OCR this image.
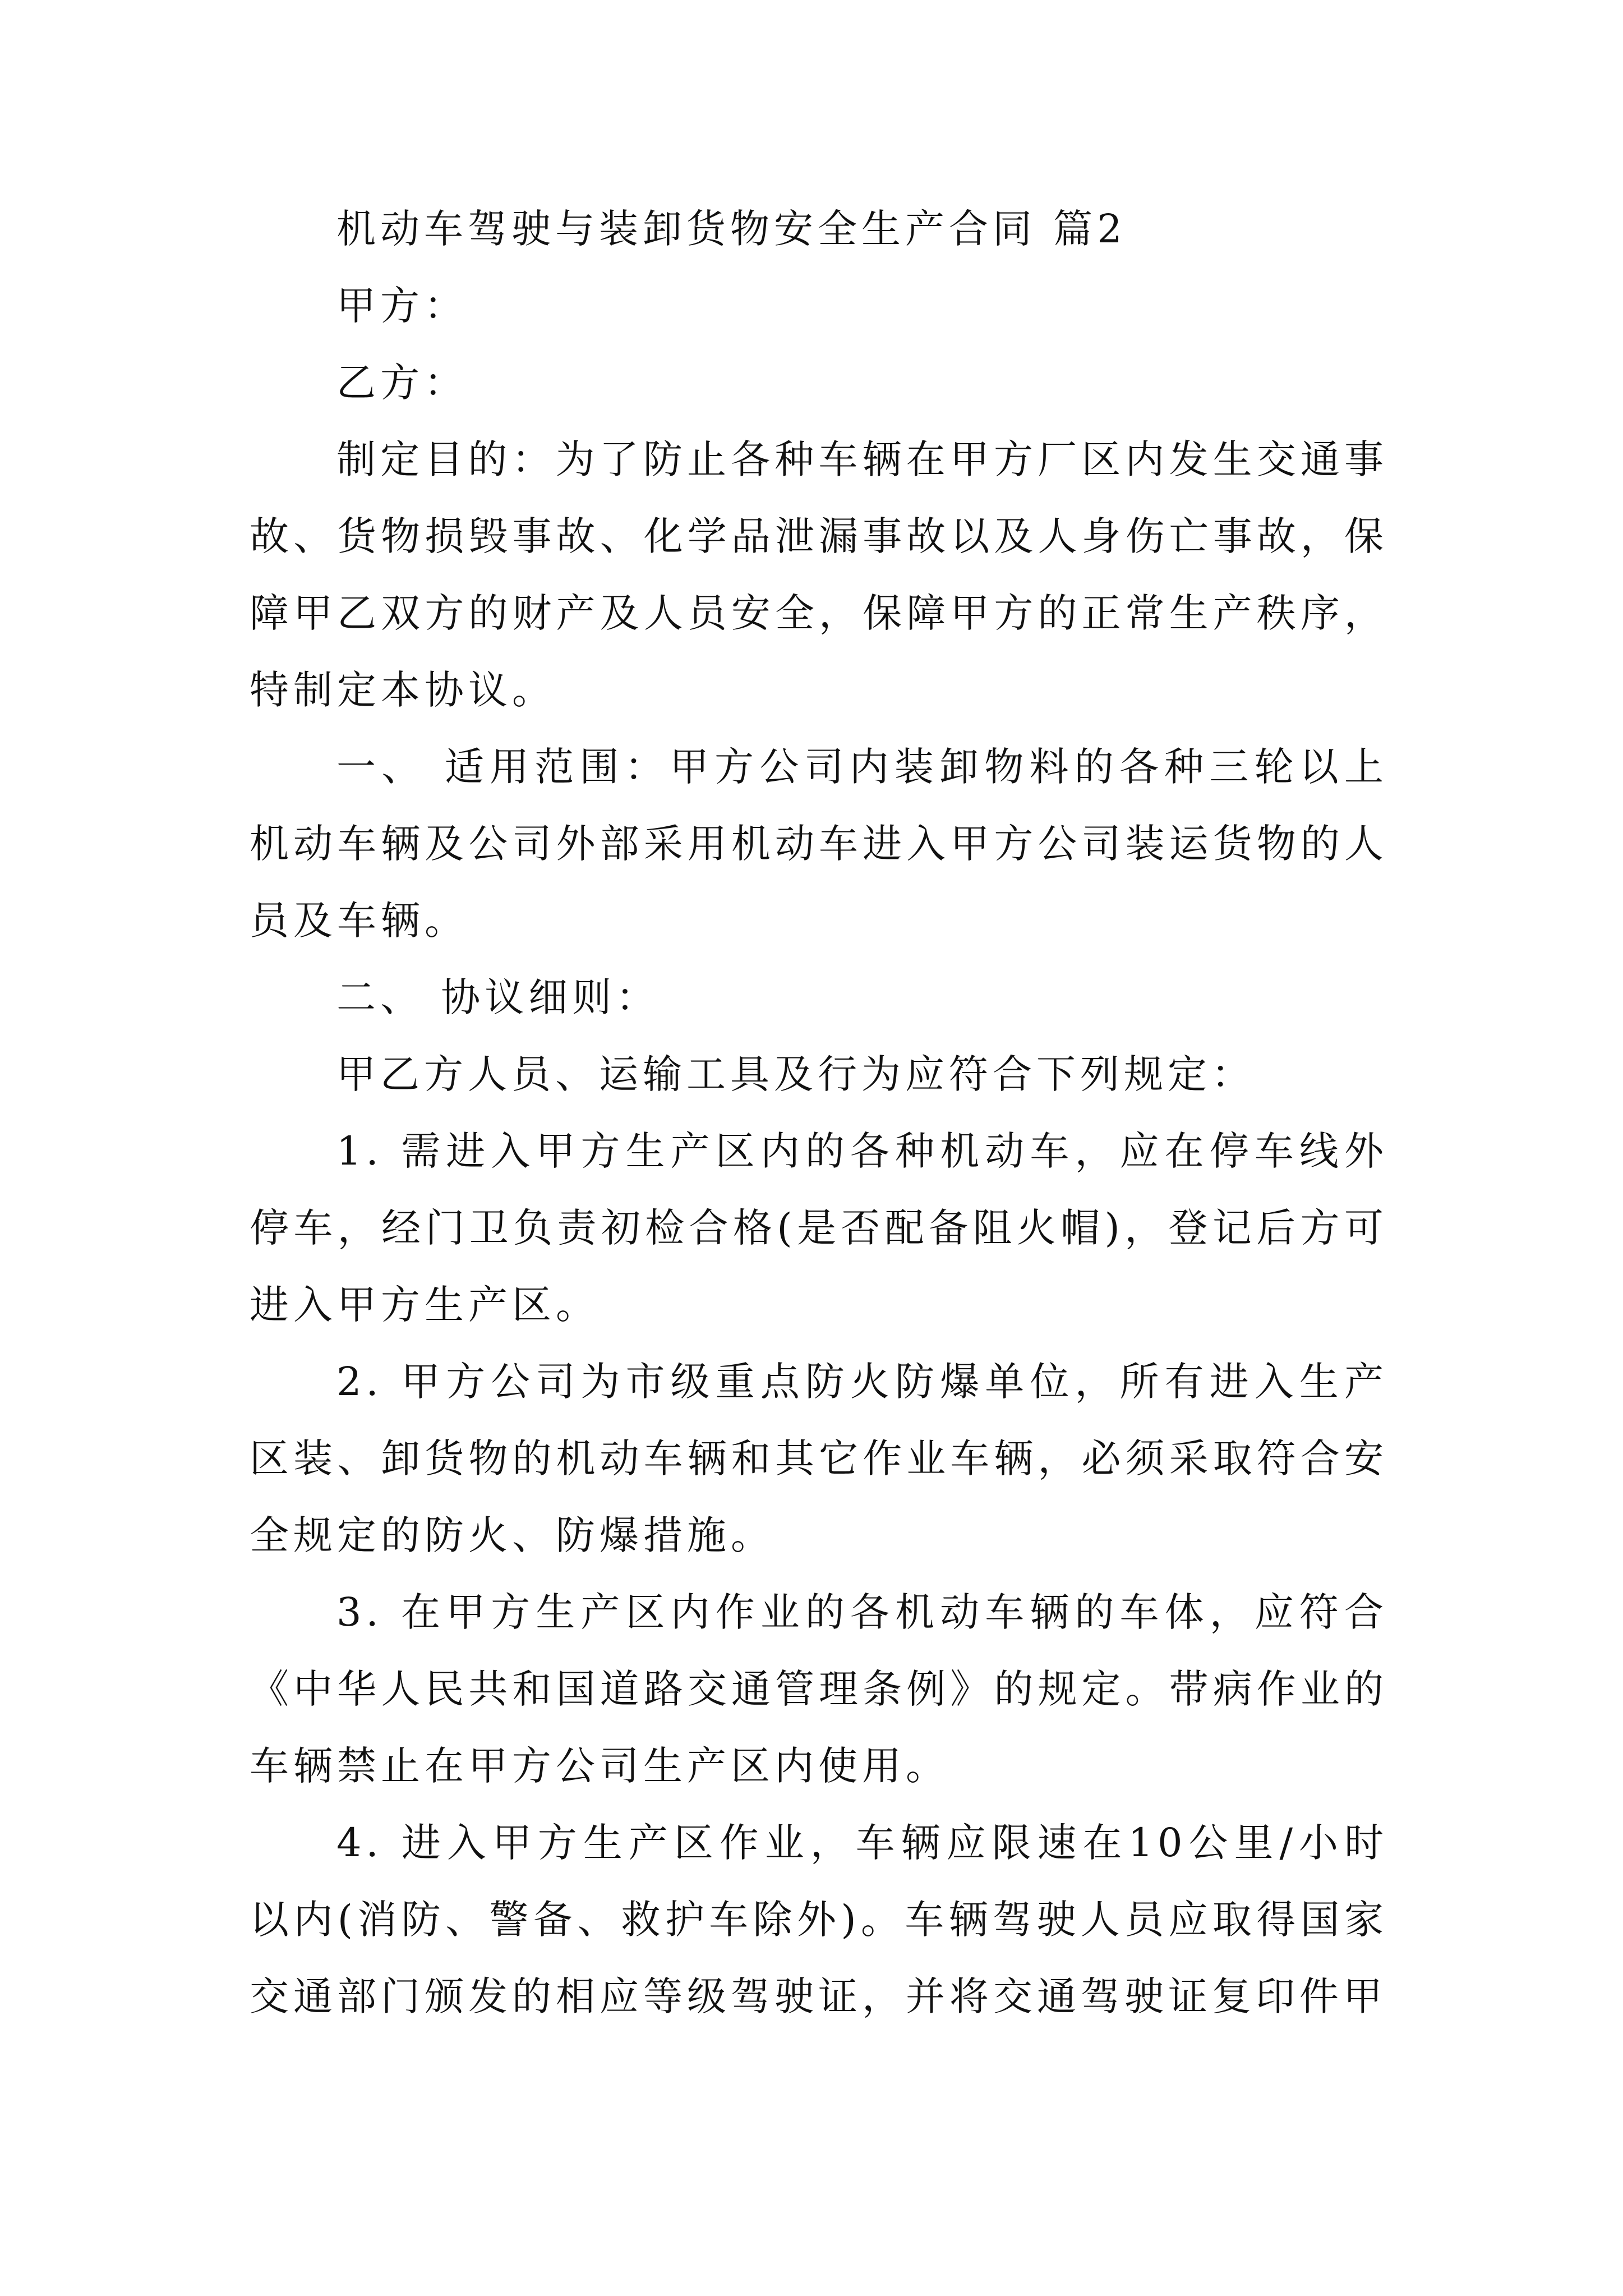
机动车驾驶与装卸货物安全生产合同 篇2

甲方：

乙方：

制定目的：为了防止各种车辆在甲方厂区内发生交通事故、货物损毁事故、化学品泄漏事故以及人身伤亡事故，保障甲乙双方的财产及人员安全，保障甲方的正常生产秩序，特制定本协议。

一、 适用范围：甲方公司内装卸物料的各种三轮以上机动车辆及公司外部采用机动车进入甲方公司装运货物的人员及车辆。

二、 协议细则：

甲乙方人员、运输工具及行为应符合下列规定：

1. 需进入甲方生产区内的各种机动车，应在停车线外停车，经门卫负责初检合格(是否配备阻火帽)，登记后方可进入甲方生产区。

2. 甲方公司为市级重点防火防爆单位，所有进入生产区装、卸货物的机动车辆和其它作业车辆，必须采取符合安全规定的防火、防爆措施。

3. 在甲方生产区内作业的各机动车辆的车体，应符合《中华人民共和国道路交通管理条例》的规定。带病作业的车辆禁止在甲方公司生产区内使用。

4. 进入甲方生产区作业，车辆应限速在10公里/小时以内(消防、警备、救护车除外)。车辆驾驶人员应取得国家交通部门颁发的相应等级驾驶证，并将交通驾驶证复印件甲
